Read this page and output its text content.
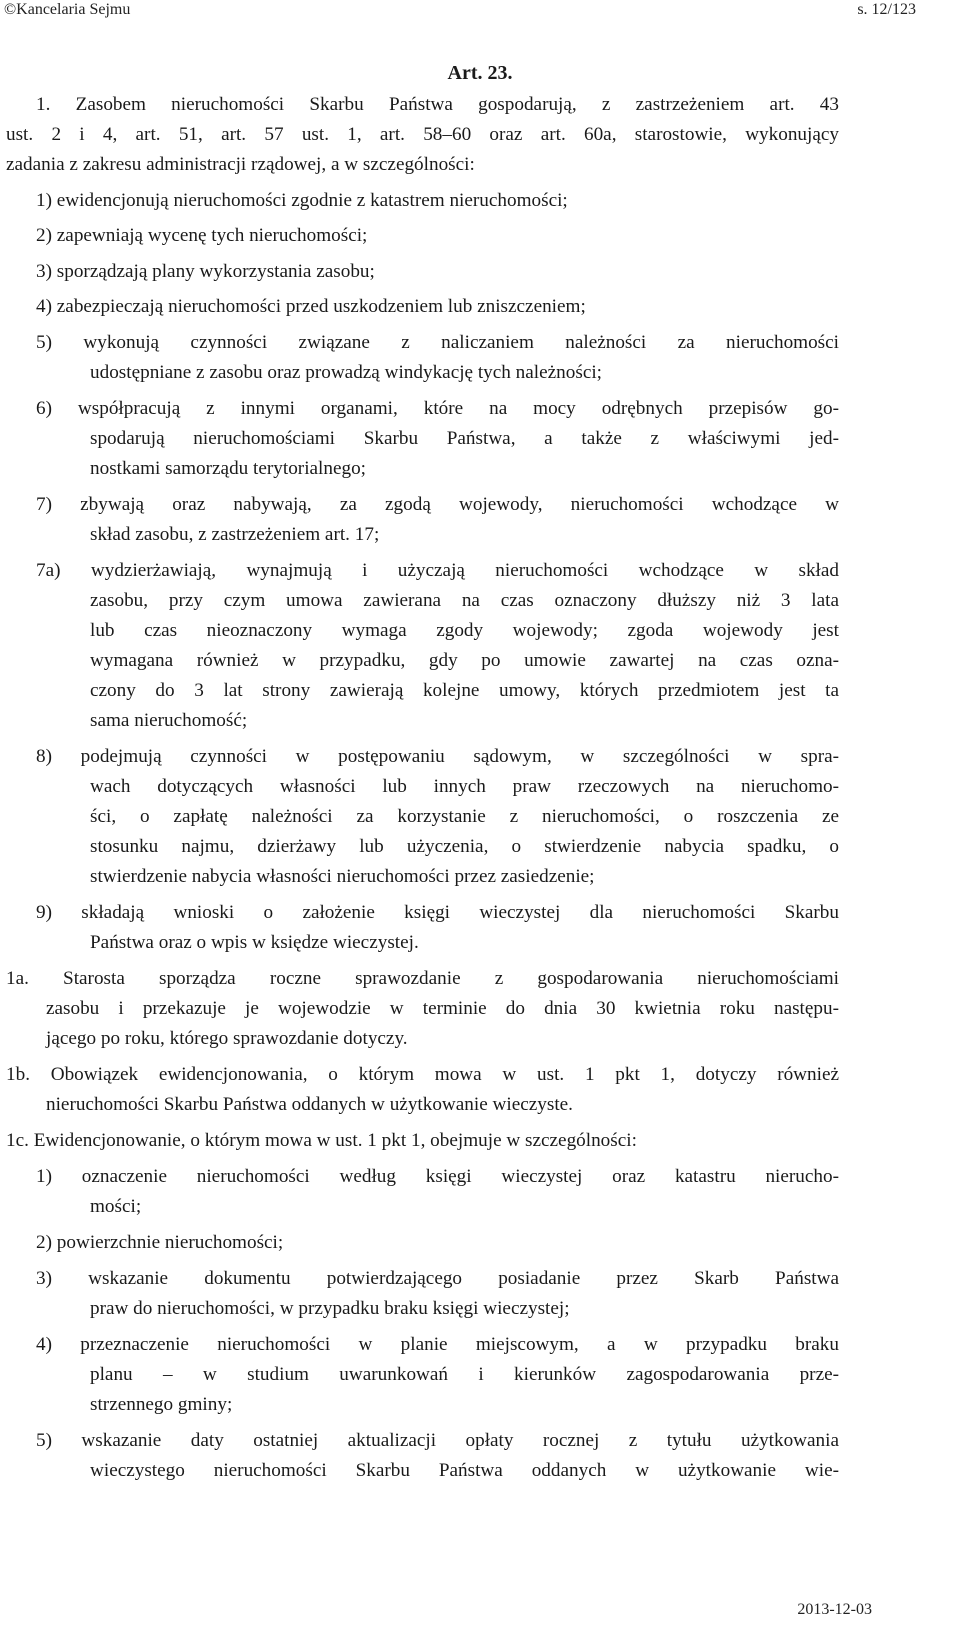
©Kancelaria Sejmu	s. 12/123
Art. 23.
1. Zasobem nieruchomości Skarbu Państwa gospodarują, z zastrzeżeniem art. 43
ust. 2 i 4, art. 51, art. 57 ust. 1, art. 58–60 oraz art. 60a, starostowie, wykonujący
zadania z zakresu administracji rządowej, a w szczególności:
1) ewidencjonują nieruchomości zgodnie z katastrem nieruchomości;
2) zapewniają wycenę tych nieruchomości;
3) sporządzają plany wykorzystania zasobu;
4) zabezpieczają nieruchomości przed uszkodzeniem lub zniszczeniem;
5) wykonują czynności związane z naliczaniem należności za nieruchomości
udostępniane z zasobu oraz prowadzą windykację tych należności;
6) współpracują z innymi organami, które na mocy odrębnych przepisów go-
spodarują nieruchomościami Skarbu Państwa, a także z właściwymi jed-
nostkami samorządu terytorialnego;
7) zbywają oraz nabywają, za zgodą wojewody, nieruchomości wchodzące w
skład zasobu, z zastrzeżeniem art. 17;
7a) wydzierżawiają, wynajmują i użyczają nieruchomości wchodzące w skład
zasobu, przy czym umowa zawierana na czas oznaczony dłuższy niż 3 lata
lub czas nieoznaczony wymaga zgody wojewody; zgoda wojewody jest
wymagana również w przypadku, gdy po umowie zawartej na czas ozna-
czony do 3 lat strony zawierają kolejne umowy, których przedmiotem jest ta
sama nieruchomość;
8) podejmują czynności w postępowaniu sądowym, w szczególności w spra-
wach dotyczących własności lub innych praw rzeczowych na nieruchomo-
ści, o zapłatę należności za korzystanie z nieruchomości, o roszczenia ze
stosunku najmu, dzierżawy lub użyczenia, o stwierdzenie nabycia spadku, o
stwierdzenie nabycia własności nieruchomości przez zasiedzenie;
9) składają wnioski o założenie księgi wieczystej dla nieruchomości Skarbu
Państwa oraz o wpis w księdze wieczystej.
1a. Starosta sporządza roczne sprawozdanie z gospodarowania nieruchomościami
zasobu i przekazuje je wojewodzie w terminie do dnia 30 kwietnia roku następu-
jącego po roku, którego sprawozdanie dotyczy.
1b. Obowiązek ewidencjonowania, o którym mowa w ust. 1 pkt 1, dotyczy również
nieruchomości Skarbu Państwa oddanych w użytkowanie wieczyste.
1c. Ewidencjonowanie, o którym mowa w ust. 1 pkt 1, obejmuje w szczególności:
1) oznaczenie nieruchomości według księgi wieczystej oraz katastru nierucho-
mości;
2) powierzchnie nieruchomości;
3) wskazanie dokumentu potwierdzającego posiadanie przez Skarb Państwa
praw do nieruchomości, w przypadku braku księgi wieczystej;
4) przeznaczenie nieruchomości w planie miejscowym, a w przypadku braku
planu – w studium uwarunkowań i kierunków zagospodarowania prze-
strzennego gminy;
5) wskazanie daty ostatniej aktualizacji opłaty rocznej z tytułu użytkowania
wieczystego nieruchomości Skarbu Państwa oddanych w użytkowanie wie-
2013-12-03
